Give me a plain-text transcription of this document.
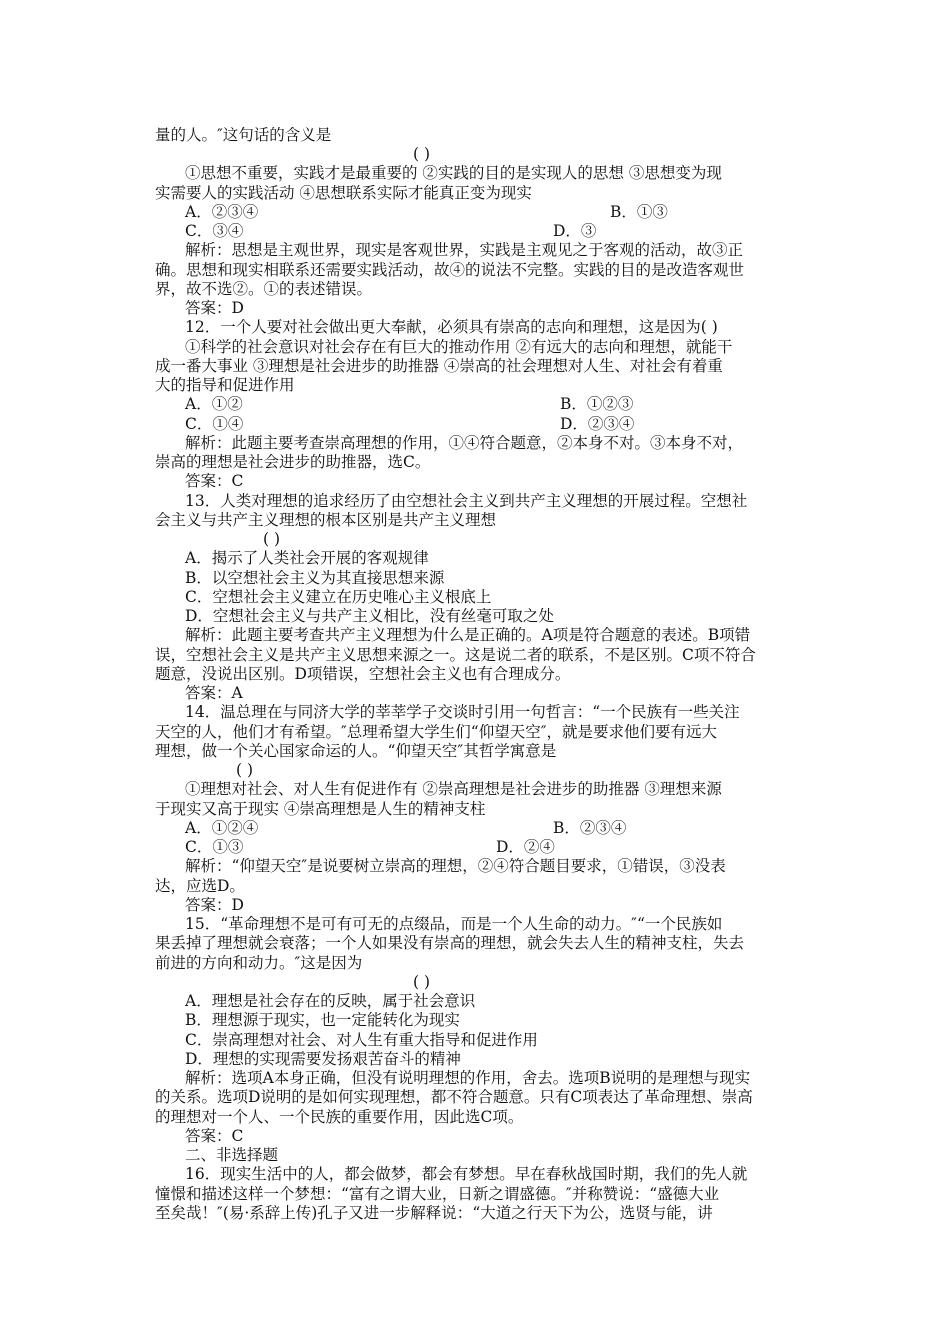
量的人。″这句话的含义是
( )
①思想不重要，实践才是最重要的 ②实践的目的是实现人的思想 ③思想变为现
实需要人的实践活动 ④思想联系实际才能真正变为现实
A．②③④	B．①③
C．③④	D．③
解析：思想是主观世界，现实是客观世界，实践是主观见之于客观的活动，故③正
确。思想和现实相联系还需要实践活动，故④的说法不完整。实践的目的是改造客观世
界，故不选②。①的表述错误。
答案：D
12．一个人要对社会做出更大奉献，必须具有崇高的志向和理想，这是因为( )
①科学的社会意识对社会存在有巨大的推动作用 ②有远大的志向和理想，就能干
成一番大事业 ③理想是社会进步的助推器 ④崇高的社会理想对人生、对社会有着重
大的指导和促进作用
A．①②	B．①②③
C．①④	D．②③④
解析：此题主要考查崇高理想的作用，①④符合题意，②本身不对。③本身不对，
崇高的理想是社会进步的助推器，选C。
答案：C
13．人类对理想的追求经历了由空想社会主义到共产主义理想的开展过程。空想社
会主义与共产主义理想的根本区别是共产主义理想
( )
A．揭示了人类社会开展的客观规律
B．以空想社会主义为其直接思想来源
C．空想社会主义建立在历史唯心主义根底上
D．空想社会主义与共产主义相比，没有丝毫可取之处
解析：此题主要考查共产主义理想为什么是正确的。A项是符合题意的表述。B项错
误，空想社会主义是共产主义思想来源之一。这是说二者的联系，不是区别。C项不符合
题意，没说出区别。D项错误，空想社会主义也有合理成分。
答案：A
14．温总理在与同济大学的莘莘学子交谈时引用一句哲言：“一个民族有一些关注
天空的人，他们才有希望。″总理希望大学生们“仰望天空″，就是要求他们要有远大
理想，做一个关心国家命运的人。“仰望天空″其哲学寓意是
( )
①理想对社会、对人生有促进作有 ②崇高理想是社会进步的助推器 ③理想来源
于现实又高于现实 ④崇高理想是人生的精神支柱
A．①②④	B．②③④
C．①③	D．②④
解析：“仰望天空″是说要树立崇高的理想，②④符合题目要求，①错误，③没表
达，应选D。
答案：D
15．“革命理想不是可有可无的点缀品，而是一个人生命的动力。″“一个民族如
果丢掉了理想就会衰落；一个人如果没有崇高的理想，就会失去人生的精神支柱，失去
前进的方向和动力。″这是因为
( )
A．理想是社会存在的反映，属于社会意识
B．理想源于现实，也一定能转化为现实
C．崇高理想对社会、对人生有重大指导和促进作用
D．理想的实现需要发扬艰苦奋斗的精神
解析：选项A本身正确，但没有说明理想的作用，舍去。选项B说明的是理想与现实
的关系。选项D说明的是如何实现理想，都不符合题意。只有C项表达了革命理想、崇高
的理想对一个人、一个民族的重要作用，因此选C项。
答案：C
二、非选择题
16．现实生活中的人，都会做梦，都会有梦想。早在春秋战国时期，我们的先人就
憧憬和描述这样一个梦想：“富有之谓大业，日新之谓盛德。″并称赞说：“盛德大业
至矣哉！″(易·系辞上传)孔子又进一步解释说：“大道之行天下为公，选贤与能，讲
